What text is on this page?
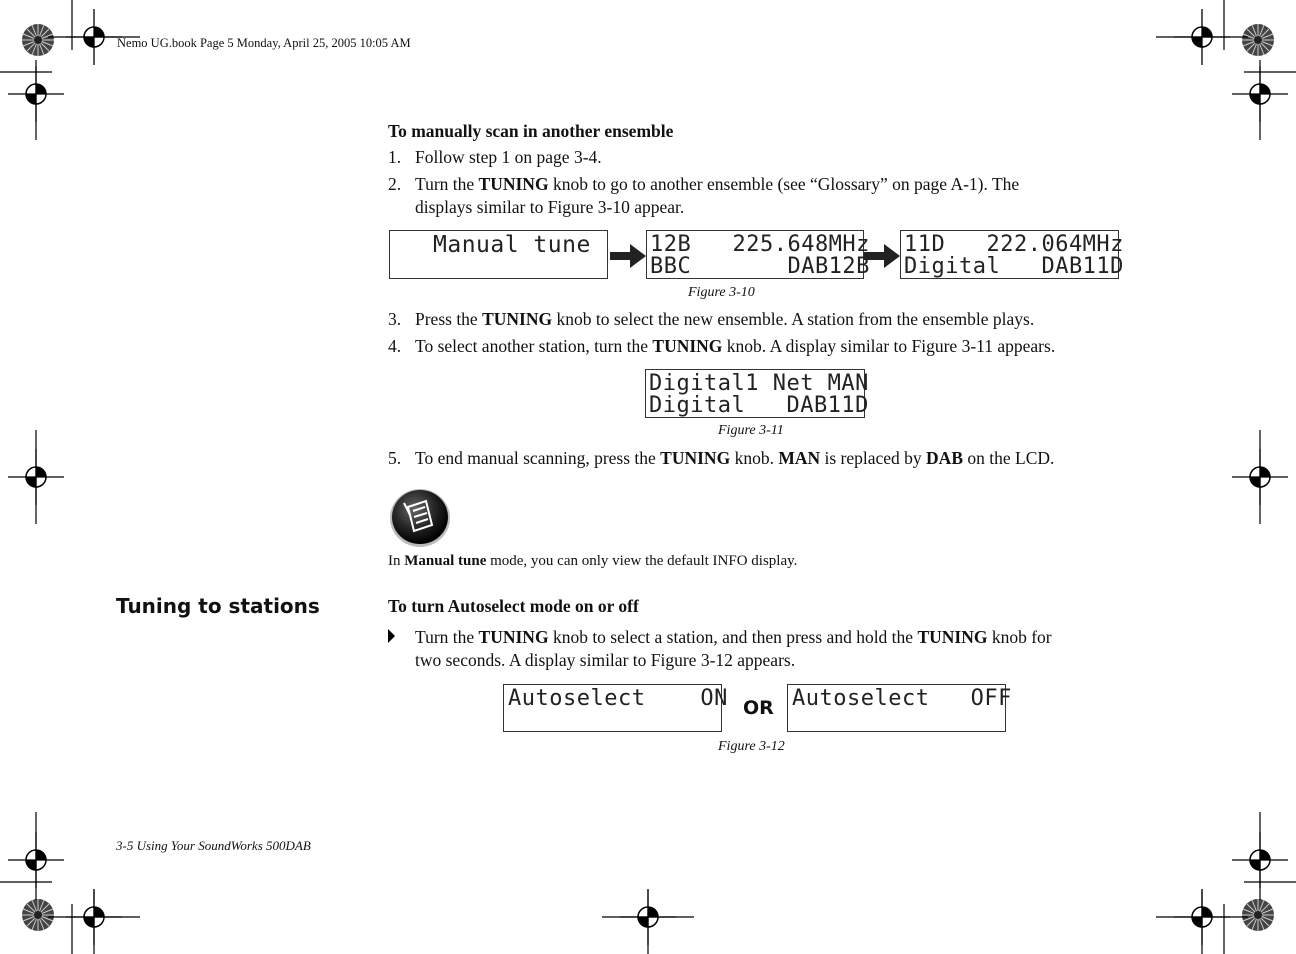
Nemo UG.book Page 5 Monday, April 25, 2005 10:05 AM
To manually scan in another ensemble
1. Follow step 1 on page 3-4.
2. Turn the TUNING knob to go to another ensemble (see “Glossary” on page A-1). The
displays similar to Figure 3-10 appear.
Manual tune	12B   225.648MHz
BBC       DAB12B
11D   222.064MHz
Digital   DAB11D
Figure 3-10
3. Press the TUNING knob to select the new ensemble. A station from the ensemble plays.
4. To select another station, turn the TUNING knob. A display similar to Figure 3-11 appears.
Digital1 Net MAN
Digital   DAB11D
Figure 3-11
5. To end manual scanning, press the TUNING knob. MAN is replaced by DAB on the LCD.
In Manual tune mode, you can only view the default INFO display.
Tuning to stations	To turn Autoselect mode on or off
Turn the TUNING knob to select a station, and then press and hold the TUNING knob for
two seconds. A display similar to Figure 3-12 appears.
Autoselect    ON OR Autoselect   OFF
Figure 3-12
3-5 Using Your SoundWorks 500DAB
